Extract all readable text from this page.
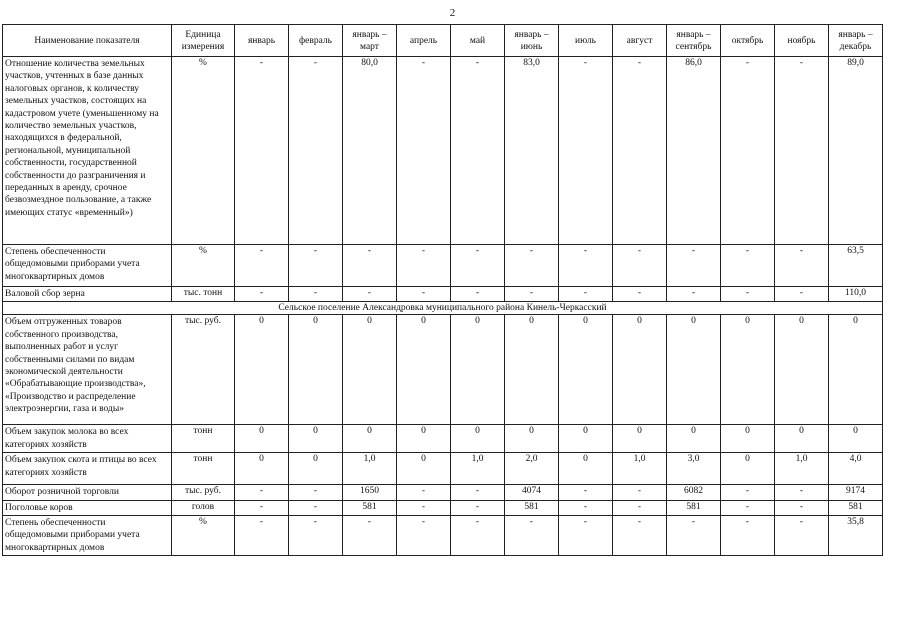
2
Наименование показателя	Единица измерения	январь	февраль	январь – март	апрель	май	январь – июнь	июль	август	январь – сентябрь	октябрь	ноябрь	январь – декабрь
Отношение количества земельных участков, учтенных в базе данных налоговых органов, к количеству земельных участков, состоящих на кадастровом учете (уменьшенному на количество земельных участков, находящихся в федеральной, региональной, муниципальной собственности, государственной собственности до разграничения и переданных в аренду, срочное безвозмездное пользование, а также имеющих статус «временный»)	%	-	-	80,0	-	-	83,0	-	-	86,0	-	-	89,0
Степень обеспеченности общедомовыми приборами учета многоквартирных домов	%	-	-	-	-	-	-	-	-	-	-	-	63,5
Валовой сбор зерна	тыс. тонн	-	-	-	-	-	-	-	-	-	-	-	110,0
Сельское поселение Александровка муниципального района Кинель-Черкасский													
Объем отгруженных товаров собственного производства, выполненных работ и услуг собственными силами по видам экономической деятельности «Обрабатывающие производства», «Производство и распределение электроэнергии, газа и воды»	тыс. руб.	0	0	0	0	0	0	0	0	0	0	0	0
Объем закупок молока во всех категориях хозяйств	тонн	0	0	0	0	0	0	0	0	0	0	0	0
Объем закупок скота и птицы во всех категориях хозяйств	тонн	0	0	1,0	0	1,0	2,0	0	1,0	3,0	0	1,0	4,0
Оборот розничной торговли	тыс. руб.	-	-	1650	-	-	4074	-	-	6082	-	-	9174
Поголовье коров	голов	-	-	581	-	-	581	-	-	581	-	-	581
Степень обеспеченности общедомовыми приборами учета многоквартирных домов	%	-	-	-	-	-	-	-	-	-	-	-	35,8
